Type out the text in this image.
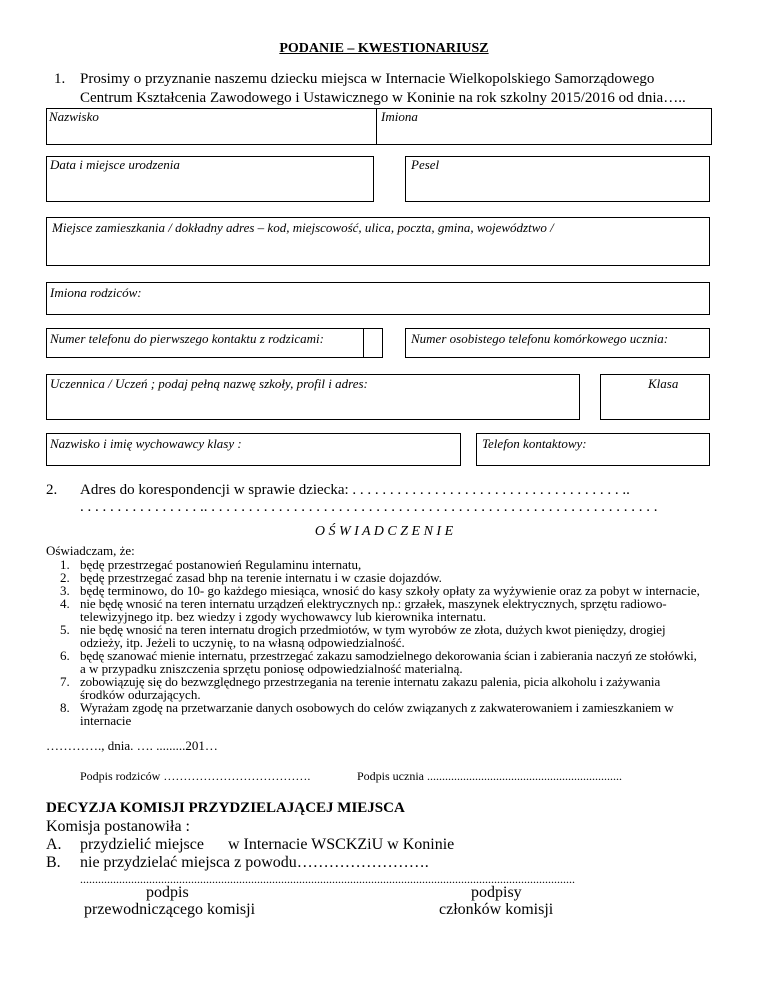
PODANIE – KWESTIONARIUSZ
1. Prosimy o przyznanie naszemu dziecku miejsca w Internacie Wielkopolskiego Samorządowego
Centrum Kształcenia Zawodowego i Ustawicznego w Koninie na rok szkolny 2015/2016 od dnia…..
Nazwisko	Imiona
Data i miejsce urodzenia	Pesel
Miejsce zamieszkania / dokładny adres – kod, miejscowość, ulica, poczta, gmina, województwo /
Imiona rodziców:
Numer telefonu do pierwszego kontaktu z rodzicami:	Numer osobistego telefonu komórkowego ucznia:
Uczennica / Uczeń ; podaj pełną nazwę szkoły, profil i adres:	Klasa
Nazwisko i imię wychowawcy klasy :	Telefon kontaktowy:
2. Adres do korespondencji w sprawie dziecka: . . . . . . . . . . . . . . . . . . . . . . . . . . . . . . . . . . . . ..
. . . . . . . . . . . . . . . . .. . . . . . . . . . . . . . . . . . . . . . . . . . . . . . . . . . . . . . . . . . . . . . . . . . . . . . . . . . . . .
O Ś W I A D C Z E N I E
Oświadczam, że:
1. będę przestrzegać postanowień Regulaminu internatu,
2. będę przestrzegać zasad bhp na terenie internatu i w czasie dojazdów.
3. będę terminowo, do 10- go każdego miesiąca, wnosić do kasy szkoły opłaty za wyżywienie oraz za pobyt w internacie,
4. nie będę wnosić na teren internatu urządzeń elektrycznych np.: grzałek, maszynek elektrycznych, sprzętu radiowo-
telewizyjnego itp. bez wiedzy i zgody wychowawcy lub kierownika internatu.
5. nie będę wnosić na teren internatu drogich przedmiotów, w tym wyrobów ze złota, dużych kwot pieniędzy, drogiej
odzieży, itp. Jeżeli to uczynię, to na własną odpowiedzialność.
6. będę szanować mienie internatu, przestrzegać zakazu samodzielnego dekorowania ścian i zabierania naczyń ze stołówki,
a w przypadku zniszczenia sprzętu poniosę odpowiedzialność materialną.
7. zobowiązuję się do bezwzględnego przestrzegania na terenie internatu zakazu palenia, picia alkoholu i zażywania
środków odurzających.
8. Wyrażam zgodę na przetwarzanie danych osobowych do celów związanych z zakwaterowaniem i zamieszkaniem w
internacie
…………., dnia. …. .........201…
Podpis rodziców ……………………………….	Podpis ucznia .................................................................
DECYZJA KOMISJI PRZYDZIELAJĄCEJ MIEJSCA
Komisja postanowiła :
A. przydzielić miejsce      w Internacie WSCKZiU w Koninie
B. nie przydzielać miejsca z powodu…………………….
.....................................................................................................................................................................
podpis
przewodniczącego komisji
podpisy
członków komisji
